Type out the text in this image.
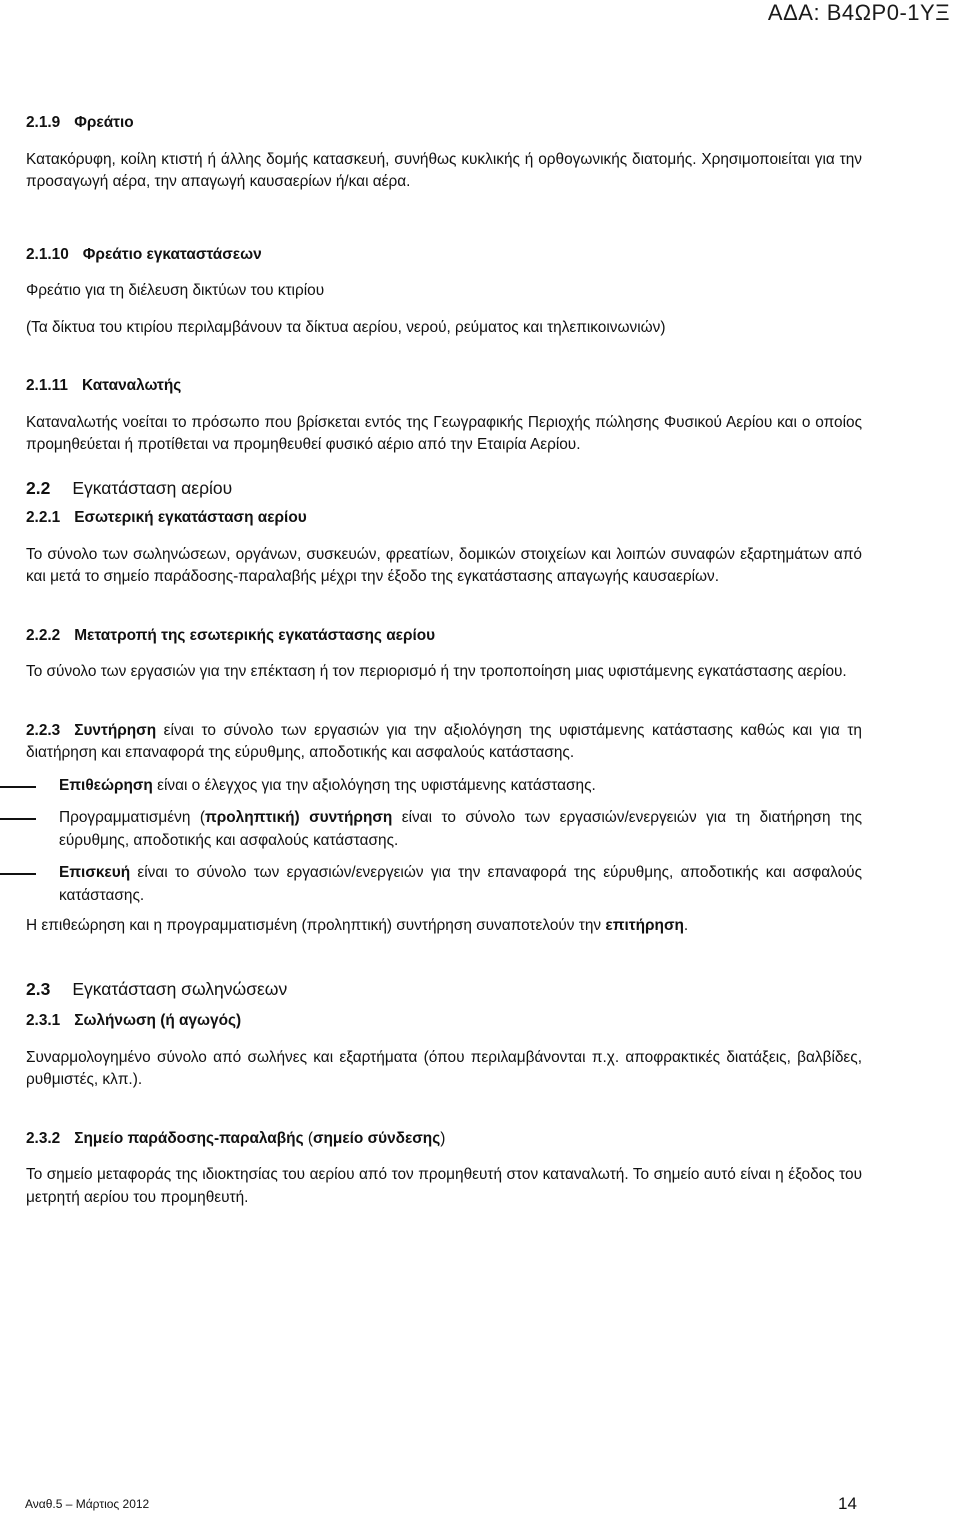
ΑΔΑ: Β4ΩΡ0-1ΥΞ

2.1.9 Φρεάτιο

Κατακόρυφη, κοίλη κτιστή ή άλλης δομής κατασκευή, συνήθως κυκλικής ή ορθογωνικής διατομής. Χρησιμοποιείται για την προσαγωγή αέρα, την απαγωγή καυσαερίων ή/και αέρα.

2.1.10 Φρεάτιο εγκαταστάσεων

Φρεάτιο για τη διέλευση δικτύων του κτιρίου

(Τα δίκτυα του κτιρίου περιλαμβάνουν τα δίκτυα αερίου, νερού, ρεύματος και τηλεπικοινωνιών)

2.1.11 Καταναλωτής

Καταναλωτής νοείται το πρόσωπο που βρίσκεται εντός της Γεωγραφικής Περιοχής πώλησης Φυσικού Αερίου και ο οποίος προμηθεύεται ή προτίθεται να προμηθευθεί φυσικό αέριο από την Εταιρία Αερίου.

2.2 Εγκατάσταση αερίου

2.2.1 Εσωτερική εγκατάσταση αερίου

Το σύνολο των σωληνώσεων, οργάνων, συσκευών, φρεατίων, δομικών στοιχείων και λοιπών συναφών εξαρτημάτων από και μετά το σημείο παράδοσης-παραλαβής μέχρι την έξοδο της εγκατάστασης απαγωγής καυσαερίων.

2.2.2 Μετατροπή της εσωτερικής εγκατάστασης αερίου

Το σύνολο των εργασιών για την επέκταση ή τον περιορισμό ή την τροποποίηση μιας υφιστάμενης εγκατάστασης αερίου.

2.2.3 Συντήρηση είναι το σύνολο των εργασιών για την αξιολόγηση της υφιστάμενης κατάστασης καθώς και για τη διατήρηση και επαναφορά της εύρυθμης, αποδοτικής και ασφαλούς κατάστασης.

Επιθεώρηση είναι ο έλεγχος για την αξιολόγηση της υφιστάμενης κατάστασης.

Προγραμματισμένη (προληπτική) συντήρηση είναι το σύνολο των εργασιών/ενεργειών για τη διατήρηση της εύρυθμης, αποδοτικής και ασφαλούς κατάστασης.

Επισκευή είναι το σύνολο των εργασιών/ενεργειών για την επαναφορά της εύρυθμης, αποδοτικής και ασφαλούς κατάστασης.

Η επιθεώρηση και η προγραμματισμένη (προληπτική) συντήρηση συναποτελούν την επιτήρηση.

2.3 Εγκατάσταση σωληνώσεων

2.3.1 Σωλήνωση (ή αγωγός)

Συναρμολογημένο σύνολο από σωλήνες και εξαρτήματα (όπου περιλαμβάνονται π.χ. αποφρακτικές διατάξεις, βαλβίδες, ρυθμιστές, κλπ.).

2.3.2 Σημείο παράδοσης-παραλαβής (σημείο σύνδεσης)

Το σημείο μεταφοράς της ιδιοκτησίας του αερίου από τον προμηθευτή στον καταναλωτή. Το σημείο αυτό είναι η έξοδος του μετρητή αερίου του προμηθευτή.

Αναθ.5 – Μάρτιος 2012	14
